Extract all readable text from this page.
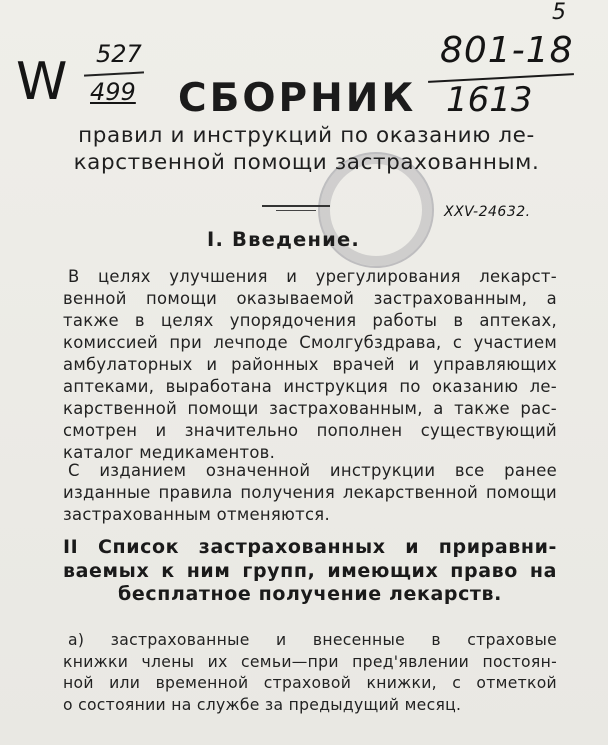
W 527
499
801-18
1613
5
XXV-24632.
СБОРНИК
правил и инструкций по оказанию ле-
карственной помощи застрахованным.
I. Введение.
В целях улучшения и урегулирования лекарст-
венной помощи оказываемой застрахованным, а
также в целях упорядочения работы в аптеках,
комиссией при лечподе Смолгубздрава, с участием
амбулаторных и районных врачей и управляющих
аптеками, выработана инструкция по оказанию ле-
карственной помощи застрахованным, а также рас-
смотрен и значительно пополнен существующий
каталог медикаментов.
С изданием означенной инструкции все ранее
изданные правила получения лекарственной помощи
застрахованным отменяются.
II Список застрахованных и приравни-
ваемых к ним групп, имеющих право на
бесплатное получение лекарств.
а) застрахованные и внесенные в страховые
книжки члены их семьи—при пред'явлении постоян-
ной или временной страховой книжки, с отметкой
о состоянии на службе за предыдущий месяц.
